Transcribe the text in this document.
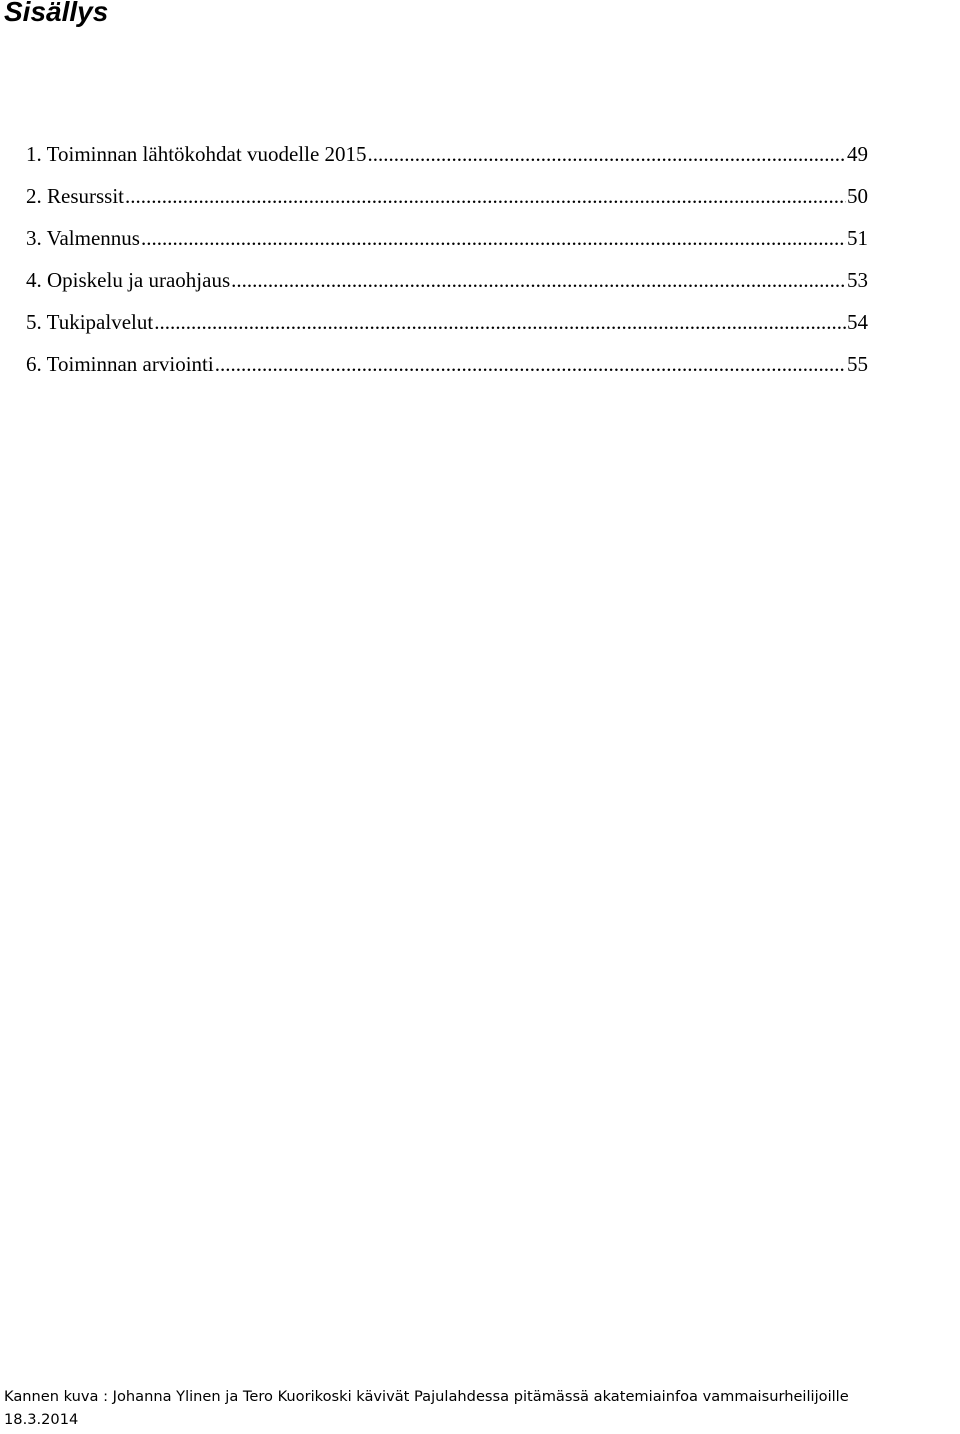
Sisällys
1. Toiminnan lähtökohdat vuodelle 2015 .....	49
2. Resurssit .....	50
3. Valmennus .....	51
4. Opiskelu ja uraohjaus .....	53
5. Tukipalvelut .....	54
6. Toiminnan arviointi .....	55

Kannen kuva : Johanna Ylinen ja Tero Kuorikoski kävivät Pajulahdessa pitämässä akatemiainfoa vammaisurheilijoille
18.3.2014
